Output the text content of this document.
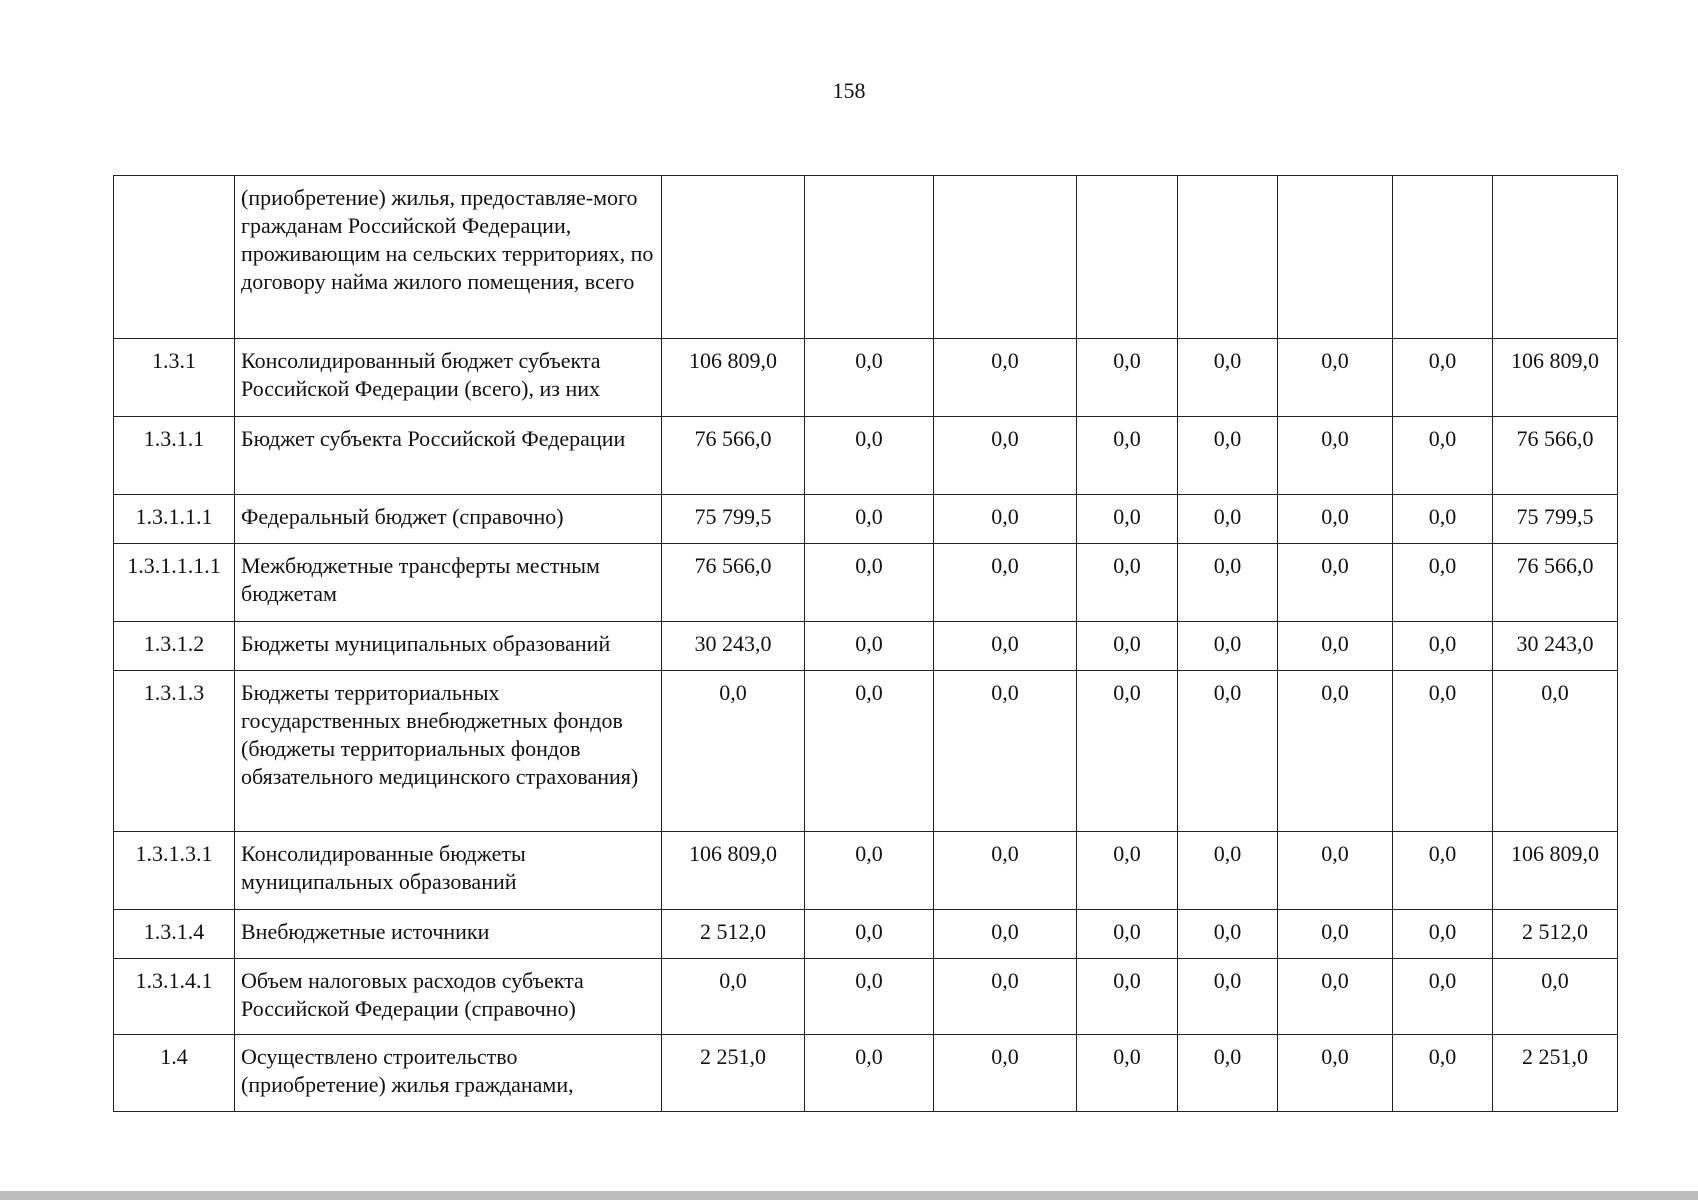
158
	(приобретение) жилья, предоставляе-мого гражданам Российской Федерации, проживающим на сельских территориях, по договору найма жилого помещения, всего								
1.3.1	Консолидированный бюджет субъекта Российской Федерации (всего), из них	106 809,0	0,0	0,0	0,0	0,0	0,0	0,0	106 809,0
1.3.1.1	Бюджет субъекта Российской Федерации	76 566,0	0,0	0,0	0,0	0,0	0,0	0,0	76 566,0
1.3.1.1.1	Федеральный бюджет (справочно)	75 799,5	0,0	0,0	0,0	0,0	0,0	0,0	75 799,5
1.3.1.1.1.1	Межбюджетные трансферты местным бюджетам	76 566,0	0,0	0,0	0,0	0,0	0,0	0,0	76 566,0
1.3.1.2	Бюджеты муниципальных образований	30 243,0	0,0	0,0	0,0	0,0	0,0	0,0	30 243,0
1.3.1.3	Бюджеты территориальных государственных внебюджетных фондов (бюджеты территориальных фондов обязательного медицинского страхования)	0,0	0,0	0,0	0,0	0,0	0,0	0,0	0,0
1.3.1.3.1	Консолидированные бюджеты муниципальных образований	106 809,0	0,0	0,0	0,0	0,0	0,0	0,0	106 809,0
1.3.1.4	Внебюджетные источники	2 512,0	0,0	0,0	0,0	0,0	0,0	0,0	2 512,0
1.3.1.4.1	Объем налоговых расходов субъекта Российской Федерации (справочно)	0,0	0,0	0,0	0,0	0,0	0,0	0,0	0,0
1.4	Осуществлено строительство (приобретение) жилья гражданами,	2 251,0	0,0	0,0	0,0	0,0	0,0	0,0	2 251,0
